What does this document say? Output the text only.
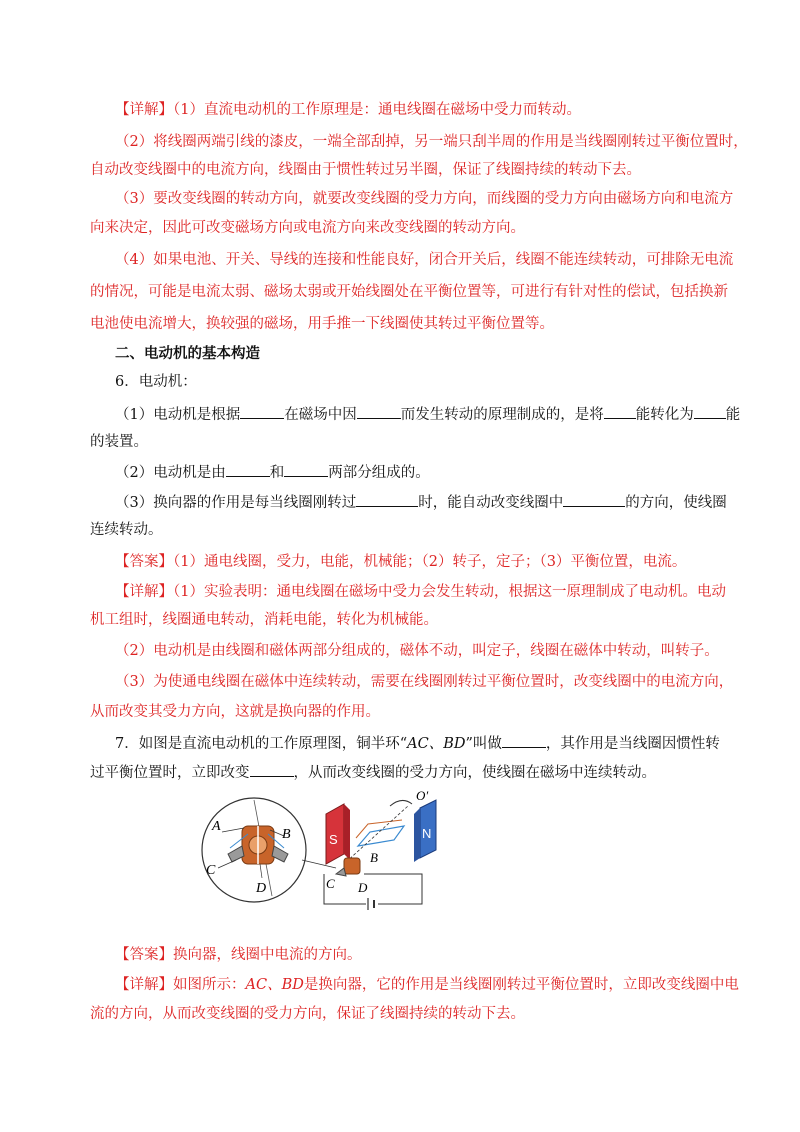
【详解】（1）直流电动机的工作原理是：通电线圈在磁场中受力而转动。
（2）将线圈两端引线的漆皮，一端全部刮掉，另一端只刮半周的作用是当线圈刚转过平衡位置时，
自动改变线圈中的电流方向，线圈由于惯性转过另半圈，保证了线圈持续的转动下去。
（3）要改变线圈的转动方向，就要改变线圈的受力方向，而线圈的受力方向由磁场方向和电流方
向来决定，因此可改变磁场方向或电流方向来改变线圈的转动方向。
（4）如果电池、开关、导线的连接和性能良好，闭合开关后，线圈不能连续转动，可排除无电流
的情况，可能是电流太弱、磁场太弱或开始线圈处在平衡位置等，可进行有针对性的偿试，包括换新
电池使电流增大，换较强的磁场，用手推一下线圈使其转过平衡位置等。
二、电动机的基本构造
6．电动机：
（1）电动机是根据	在磁场中因	而发生转动的原理制成的，是将 能转化为 能
的装置。
（2）电动机是由	和	两部分组成的。
（3）换向器的作用是每当线圈刚转过	时，能自动改变线圈中	的方向，使线圈
连续转动。
【答案】（1）通电线圈，受力，电能，机械能；（2）转子，定子；（3）平衡位置，电流。
【详解】（1）实验表明：通电线圈在磁场中受力会发生转动，根据这一原理制成了电动机。电动
机工组时，线圈通电转动，消耗电能，转化为机械能。
（2）电动机是由线圈和磁体两部分组成的，磁体不动，叫定子，线圈在磁体中转动，叫转子。
（3）为使通电线圈在磁体中连续转动，需要在线圈刚转过平衡位置时，改变线圈中的电流方向，
从而改变其受力方向，这就是换向器的作用。
7．如图是直流电动机的工作原理图，铜半环“AC、BD”叫做	，其作用是当线圈因惯性转
过平衡位置时，立即改变	，从而改变线圈的受力方向，使线圈在磁场中连续转动。
A
B
C
D
S	N
O′
B
C D
【答案】换向器，线圈中电流的方向。
【详解】如图所示：AC、BD是换向器，它的作用是当线圈刚转过平衡位置时，立即改变线圈中电
流的方向，从而改变线圈的受力方向，保证了线圈持续的转动下去。
